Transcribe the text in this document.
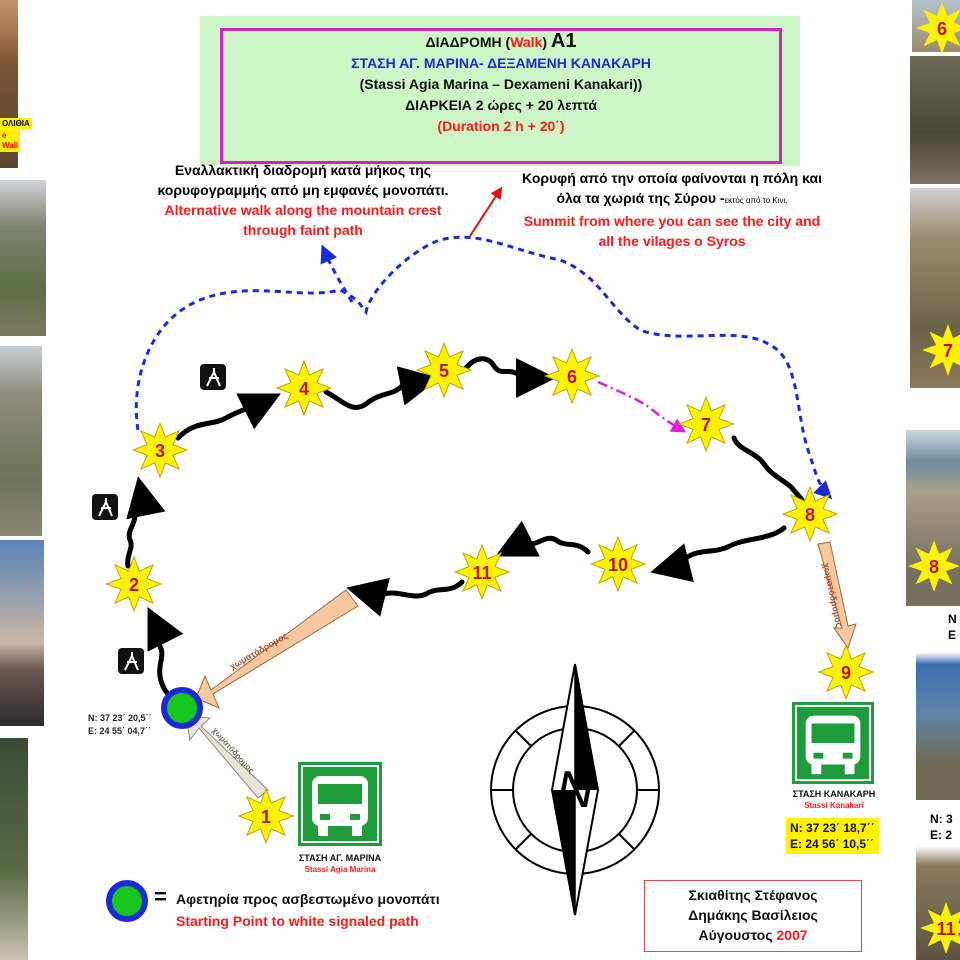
ΟΛΙΘΙΑ
e Wall
N
E
N: 3
E: 2
N
1
2
3
4
5	6
7
8
9
10
11
6
7
8
11
χωματόδρομος
χωματόδρομος
χωματόδρομος
ΔΙΑΔΡΟΜΗ (Walk) A1
ΣΤΑΣΗ ΑΓ. ΜΑΡΙΝΑ- ΔΕΞΑΜΕΝΗ ΚΑΝΑΚΑΡΗ
(Stassi Agia Marina – Dexameni Kanakari))
ΔΙΑΡΚΕΙΑ 2 ώρες + 20 λεπτά
(Duration 2 h + 20΄)
Εναλλακτική διαδρομή κατά μήκος της
κορυφογραμμής από μη εμφανές μονοπάτι.
Alternative walk along the mountain crest
through faint path
Κορυφή από την οποία φαίνονται η πόλη και
όλα τα χωριά της Σύρου -εκτός από το Κινι.
Summit from where you can see the city and
all the vilages o Syros
N: 37 23΄ 20,5΄΄
E: 24 55΄ 04,7΄΄
N: 37 23΄ 18,7΄΄
E: 24 56΄ 10,5΄΄
ΣΤΑΣΗ ΑΓ. ΜΑΡΙΝΑ
Stassi Agia Marina
ΣΤΑΣΗ ΚΑΝΑΚΑΡΗ
Stassi Kanakari
= Αφετηρία προς ασβεστωμένο μονοπάτι
Starting Point to white signaled path
Σκιαθίτης Στέφανος
Δημάκης Βασίλειος
Αύγουστος 2007
